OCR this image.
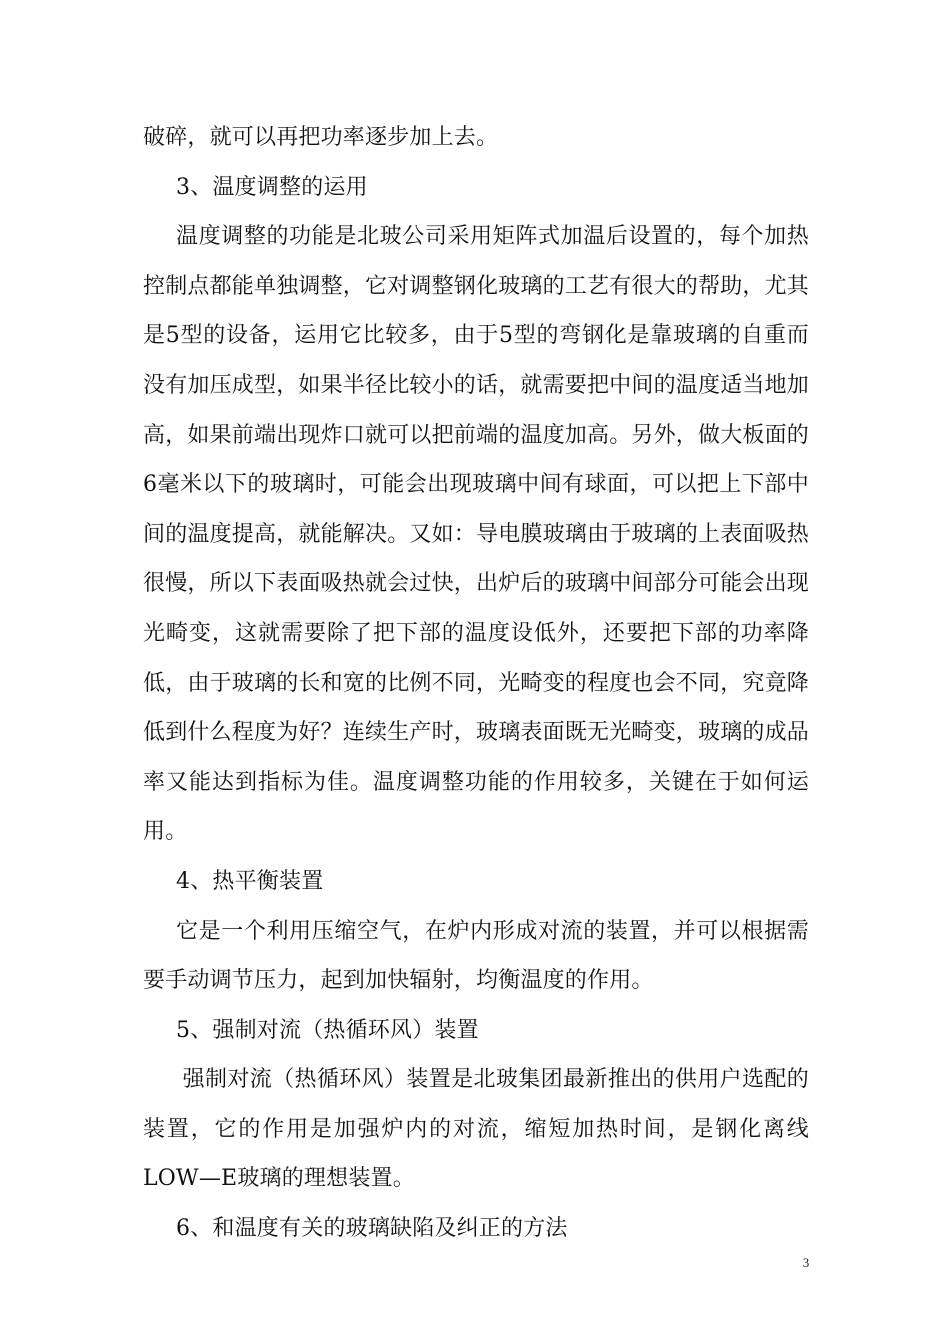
破碎，就可以再把功率逐步加上去。

3、温度调整的运用

温度调整的功能是北玻公司采用矩阵式加温后设置的，每个加热控制点都能单独调整，它对调整钢化玻璃的工艺有很大的帮助，尤其是5型的设备，运用它比较多，由于5型的弯钢化是靠玻璃的自重而没有加压成型，如果半径比较小的话，就需要把中间的温度适当地加高，如果前端出现炸口就可以把前端的温度加高。另外，做大板面的6毫米以下的玻璃时，可能会出现玻璃中间有球面，可以把上下部中间的温度提高，就能解决。又如：导电膜玻璃由于玻璃的上表面吸热很慢，所以下表面吸热就会过快，出炉后的玻璃中间部分可能会出现光畸变，这就需要除了把下部的温度设低外，还要把下部的功率降低，由于玻璃的长和宽的比例不同，光畸变的程度也会不同，究竟降低到什么程度为好？连续生产时，玻璃表面既无光畸变，玻璃的成品率又能达到指标为佳。温度调整功能的作用较多，关键在于如何运用。

4、热平衡装置

它是一个利用压缩空气，在炉内形成对流的装置，并可以根据需要手动调节压力，起到加快辐射，均衡温度的作用。

5、强制对流（热循环风）装置

强制对流（热循环风）装置是北玻集团最新推出的供用户选配的装置，它的作用是加强炉内的对流，缩短加热时间，是钢化离线LOW—E玻璃的理想装置。

6、和温度有关的玻璃缺陷及纠正的方法

3
